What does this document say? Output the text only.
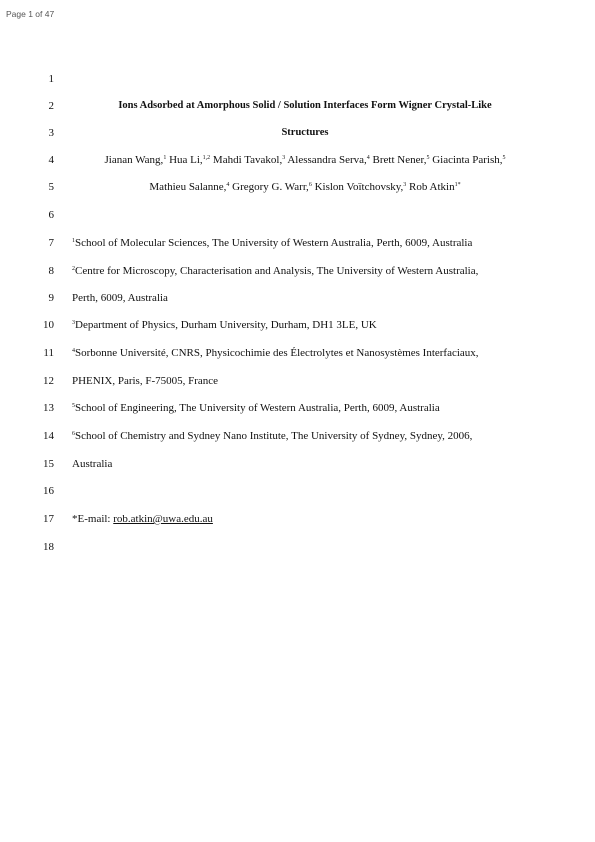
Page 1 of 47
1
2
3
4
5
6
7
8
9
10
11
12
13
14
15
16
17
18
Ions Adsorbed at Amorphous Solid / Solution Interfaces Form Wigner Crystal-Like
Structures
Jianan Wang,$^1$ Hua Li,$^{1,2}$ Mahdi Tavakol,$^3$ Alessandra Serva,$^4$ Brett Nener,$^5$ Giacinta Parish,$^5$
Mathieu Salanne,$^4$ Gregory G. Warr,$^6$ Kislon Voïtchovsky,$^3$ Rob Atkin$^{1*}$
$^1$School of Molecular Sciences, The University of Western Australia, Perth, 6009, Australia
$^2$Centre for Microscopy, Characterisation and Analysis, The University of Western Australia,
Perth, 6009, Australia
$^3$Department of Physics, Durham University, Durham, DH1 3LE, UK
$^4$Sorbonne Université, CNRS, Physicochimie des Électrolytes et Nanosystèmes Interfaciaux,
PHENIX, Paris, F-75005, France
$^5$School of Engineering, The University of Western Australia, Perth, 6009, Australia
$^6$School of Chemistry and Sydney Nano Institute, The University of Sydney, Sydney, 2006,
Australia
*E-mail: rob.atkin@uwa.edu.au
